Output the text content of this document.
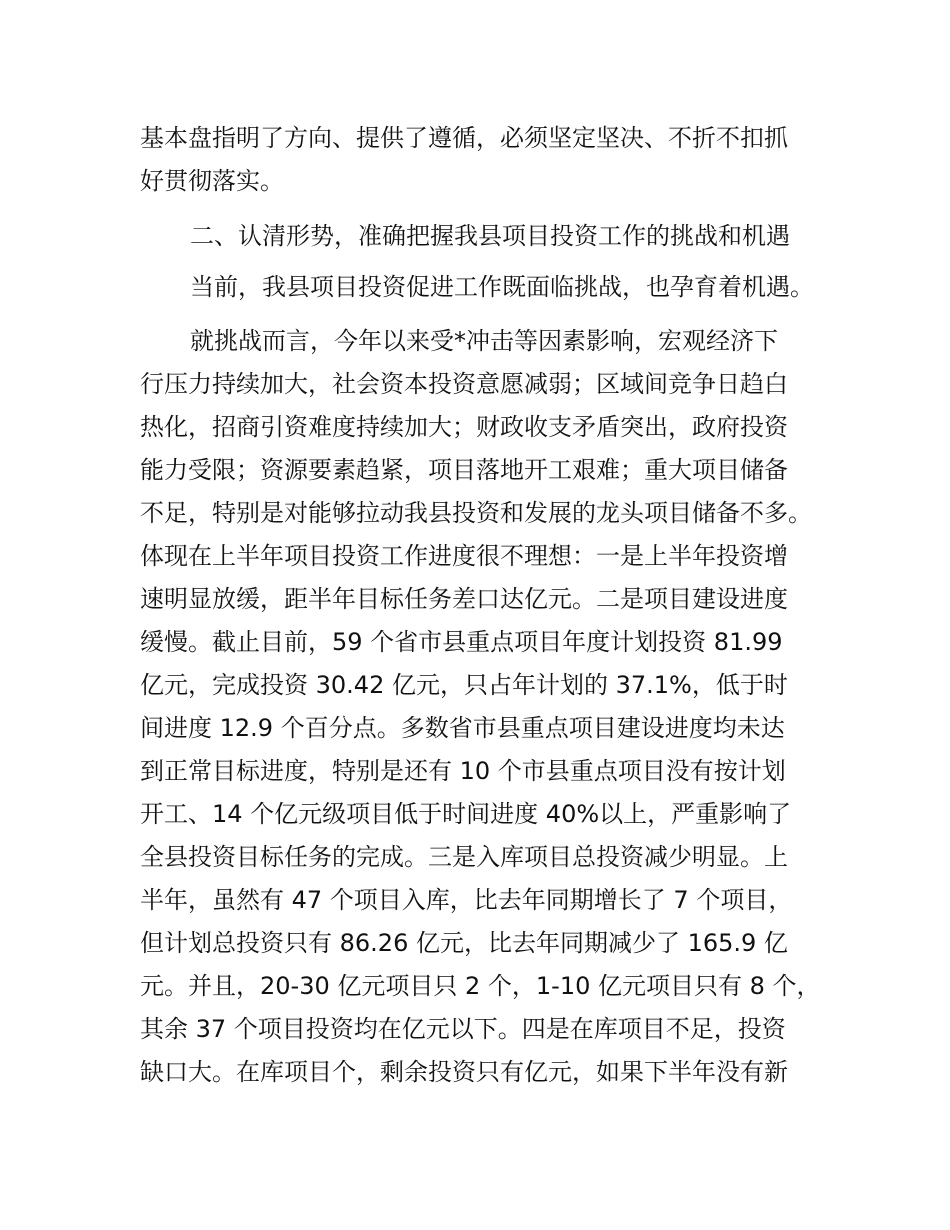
基本盘指明了方向、提供了遵循，必须坚定坚决、不折不扣抓
好贯彻落实。
二、认清形势，准确把握我县项目投资工作的挑战和机遇
当前，我县项目投资促进工作既面临挑战，也孕育着机遇。
就挑战而言，今年以来受*冲击等因素影响，宏观经济下
行压力持续加大，社会资本投资意愿减弱；区域间竞争日趋白
热化，招商引资难度持续加大；财政收支矛盾突出，政府投资
能力受限；资源要素趋紧，项目落地开工艰难；重大项目储备
不足，特别是对能够拉动我县投资和发展的龙头项目储备不多。
体现在上半年项目投资工作进度很不理想：一是上半年投资增
速明显放缓，距半年目标任务差口达亿元。二是项目建设进度
缓慢。截止目前，59 个省市县重点项目年度计划投资 81.99
亿元，完成投资 30.42 亿元，只占年计划的 37.1%，低于时
间进度 12.9 个百分点。多数省市县重点项目建设进度均未达
到正常目标进度，特别是还有 10 个市县重点项目没有按计划
开工、14 个亿元级项目低于时间进度 40%以上，严重影响了
全县投资目标任务的完成。三是入库项目总投资减少明显。上
半年，虽然有 47 个项目入库，比去年同期增长了 7 个项目，
但计划总投资只有 86.26 亿元，比去年同期减少了 165.9 亿
元。并且，20-30 亿元项目只 2 个，1-10 亿元项目只有 8 个，
其余 37 个项目投资均在亿元以下。四是在库项目不足，投资
缺口大。在库项目个，剩余投资只有亿元，如果下半年没有新
